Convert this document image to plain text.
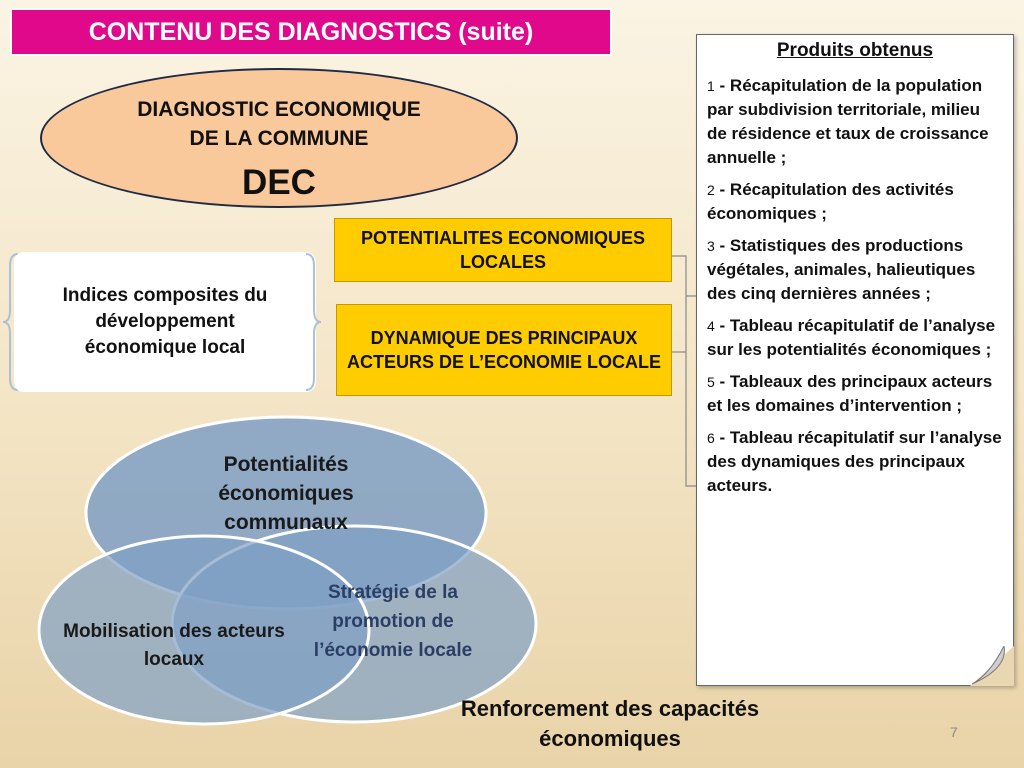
CONTENU DES DIAGNOSTICS (suite)
DIAGNOSTIC ECONOMIQUE
DE LA COMMUNE
DEC
POTENTIALITES ECONOMIQUES LOCALES
DYNAMIQUE DES PRINCIPAUX ACTEURS DE L’ECONOMIE LOCALE
Indices composites du développement économique local
Produits obtenus
1 - Récapitulation de la population par subdivision territoriale, milieu de résidence et taux de croissance annuelle ;
2 - Récapitulation des activités économiques ;
3 - Statistiques des productions végétales, animales, halieutiques des cinq dernières années ;
4 - Tableau récapitulatif de l’analyse sur les potentialités économiques ;
5 - Tableaux des principaux acteurs et les domaines d’intervention ;
6 - Tableau récapitulatif sur l’analyse des dynamiques des principaux acteurs.
Potentialités économiques communaux
Mobilisation des acteurs locaux
Stratégie de la promotion de l’économie locale
Renforcement des capacités économiques	7
